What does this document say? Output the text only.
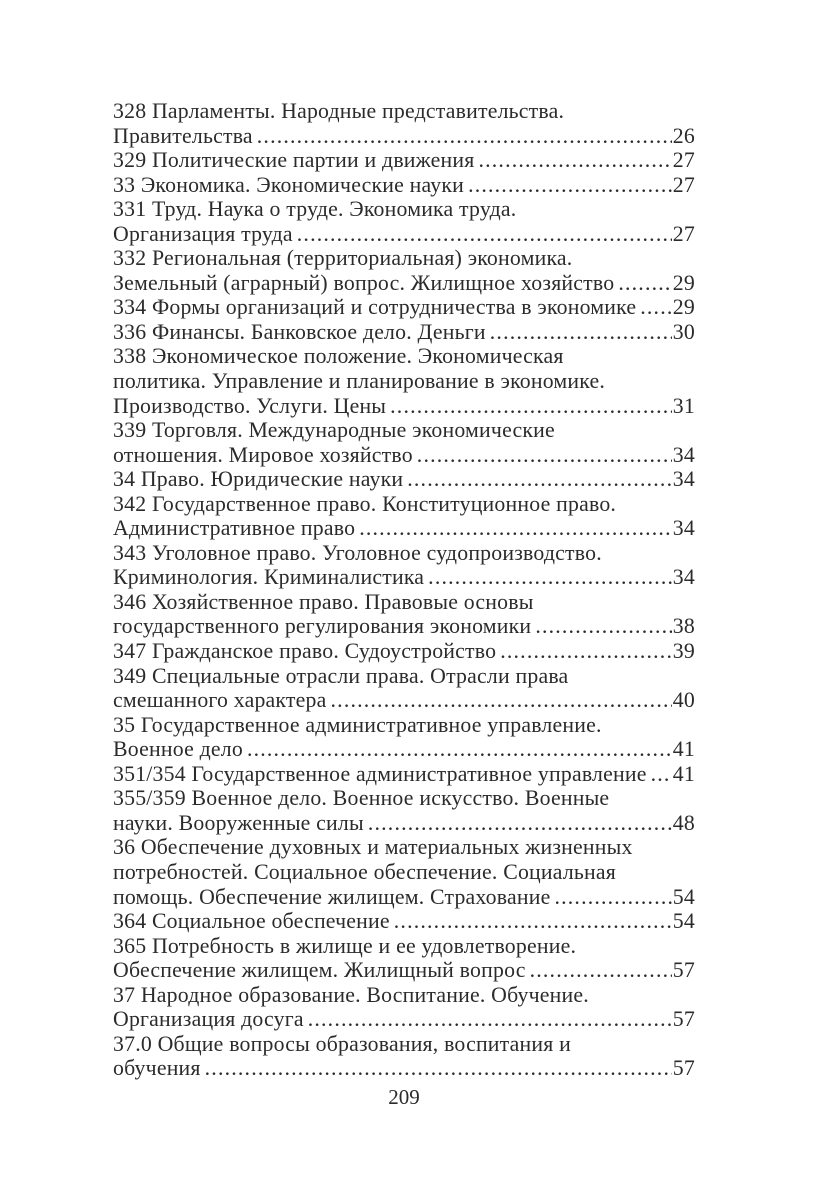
328 Парламенты. Народные представительства.
Правительства .....	26
329 Политические партии и движения .....	27
33 Экономика. Экономические науки .....	27
331 Труд. Наука о труде. Экономика труда.
Организация труда .....	27
332 Региональная (территориальная) экономика.
Земельный (аграрный) вопрос. Жилищное хозяйство .....	29
334 Формы организаций и сотрудничества в экономике ..... 29
336 Финансы. Банковское дело. Деньги .....	30
338 Экономическое положение. Экономическая
политика. Управление и планирование в экономике.
Производство. Услуги. Цены .....	31
339 Торговля. Международные экономические
отношения. Мировое хозяйство .....	34
34 Право. Юридические науки .....	34
342 Государственное право. Конституционное право.
Административное право .....	34
343 Уголовное право. Уголовное судопроизводство.
Криминология. Криминалистика .....	34
346 Хозяйственное право. Правовые основы
государственного регулирования экономики .....	38
347 Гражданское право. Судоустройство .....	39
349 Специальные отрасли права. Отрасли права
смешанного характера .....	40
35 Государственное административное управление.
Военное дело .....	41
351/354 Государственное административное управление ..... 41
355/359 Военное дело. Военное искусство. Военные
науки. Вооруженные силы .....	48
36 Обеспечение духовных и материальных жизненных
потребностей. Социальное обеспечение. Социальная
помощь. Обеспечение жилищем. Страхование .....	54
364 Социальное обеспечение .....	54
365 Потребность в жилище и ее удовлетворение.
Обеспечение жилищем. Жилищный вопрос .....	57
37 Народное образование. Воспитание. Обучение.
Организация досуга .....	57
37.0 Общие вопросы образования, воспитания и
обучения .....	57
209
